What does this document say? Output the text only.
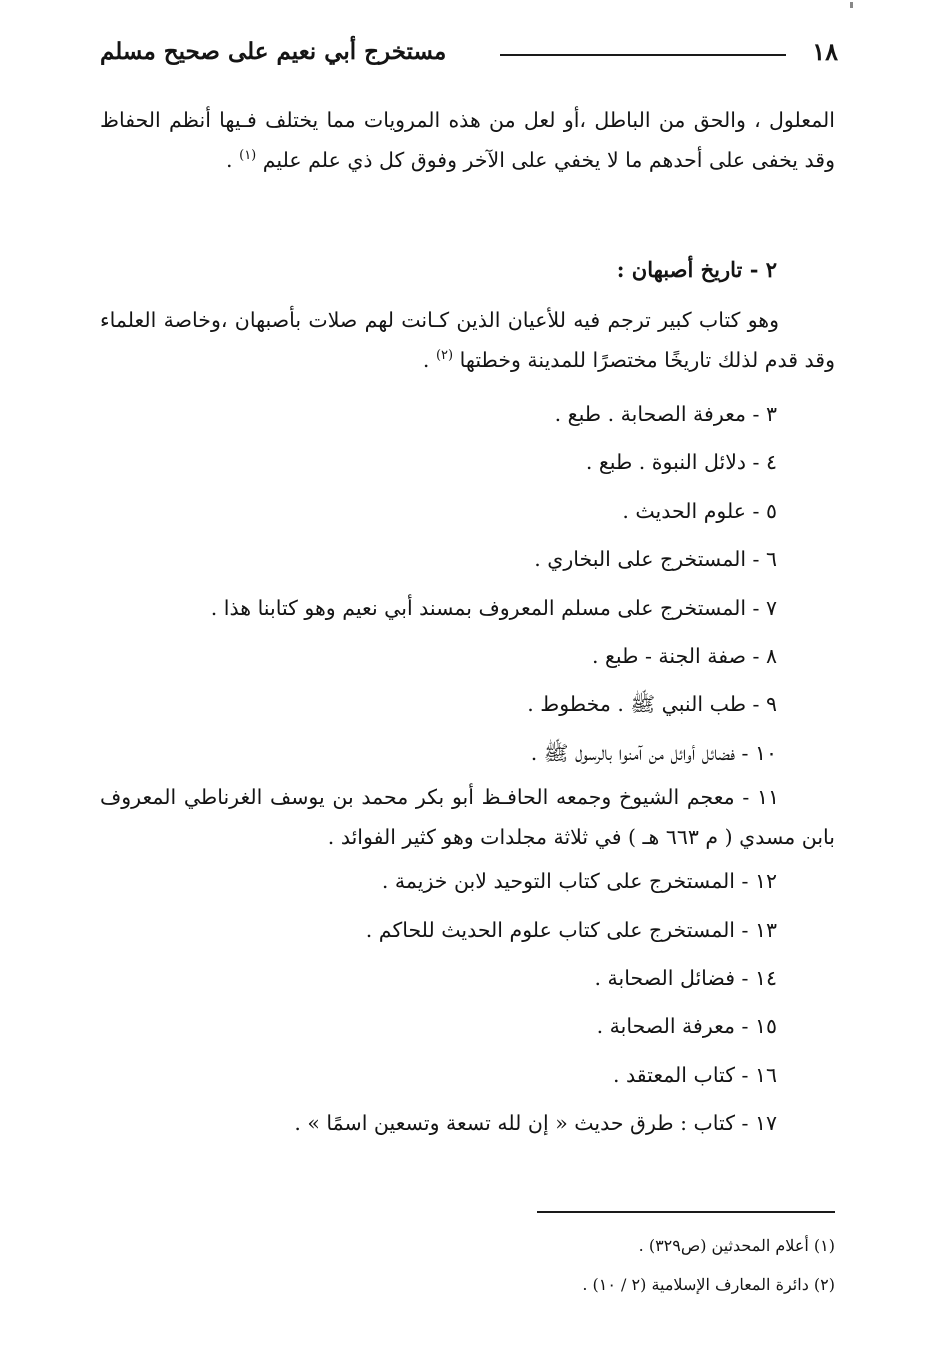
١٨
مستخرج أبي نعيم على صحيح مسلم
المعلول ، والحق من الباطل ،أو لعل من هذه المرويات مما يختلف فـيها أنظم الحفاظ وقد يخفى على أحدهم ما لا يخفي على الآخر وفوق كل ذي علم عليم $^{(١)}$ .
٢ - تاريخ أصبهان :
وهو كتاب كبير ترجم فيه للأعيان الذين كـانت لهم صلات بأصبهان ،وخاصة العلماء وقد قدم لذلك تاريخًا مختصرًا للمدينة وخطتها $^{(٢)}$ .
٣ - معرفة الصحابة . طبع .
٤ - دلائل النبوة . طبع .
٥ - علوم الحديث .
٦ - المستخرج على البخاري .
٧ - المستخرج على مسلم المعروف بمسند أبي نعيم وهو كتابنا هذا .
٨ - صفة الجنة - طبع .
٩ - طب النبي ﷺ . مخطوط .
١٠ - فضائل أوائل من آمنوا بالرسول ﷺ .
١١ - معجم الشيوخ وجمعه الحافـظ أبو بكر محمد بن يوسف الغرناطي المعروف بابن مسدي ( م ٦٦٣ هـ ) في ثلاثة مجلدات وهو كثير الفوائد .
١٢ - المستخرج على كتاب التوحيد لابن خزيمة .
١٣ - المستخرج على كتاب علوم الحديث للحاكم .
١٤ - فضائل الصحابة .
١٥ - معرفة الصحابة .
١٦ - كتاب المعتقد .
١٧ - كتاب : طرق حديث « إن لله تسعة وتسعين اسمًا » .
(١) أعلام المحدثين (ص٣٢٩) .
(٢) دائرة المعارف الإسلامية (٢ / ١٠) .
